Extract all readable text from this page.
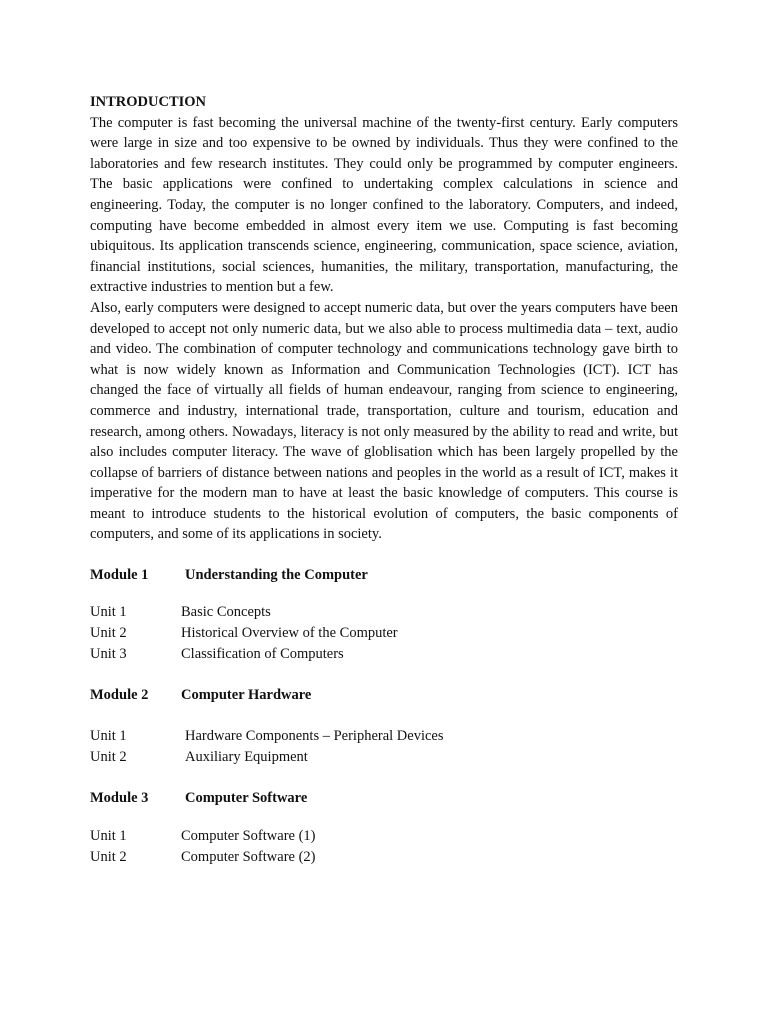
INTRODUCTION

The computer is fast becoming the universal machine of the twenty-first century. Early computers were large in size and too expensive to be owned by individuals. Thus they were confined to the laboratories and few research institutes. They could only be programmed by computer engineers. The basic applications were confined to undertaking complex calculations in science and engineering. Today, the computer is no longer confined to the laboratory. Computers, and indeed, computing have become embedded in almost every item we use. Computing is fast becoming ubiquitous. Its application transcends science, engineering, communication, space science, aviation, financial institutions, social sciences, humanities, the military, transportation, manufacturing, the extractive industries to mention but a few.

Also, early computers were designed to accept numeric data, but over the years computers have been developed to accept not only numeric data, but we also able to process multimedia data – text, audio and video. The combination of computer technology and communications technology gave birth to what is now widely known as Information and Communication Technologies (ICT). ICT has changed the face of virtually all fields of human endeavour, ranging from science to engineering, commerce and industry, international trade, transportation, culture and tourism, education and research, among others. Nowadays, literacy is not only measured by the ability to read and write, but also includes computer literacy. The wave of globlisation which has been largely propelled by the collapse of barriers of distance between nations and peoples in the world as a result of ICT, makes it imperative for the modern man to have at least the basic knowledge of computers. This course is meant to introduce students to the historical evolution of computers, the basic components of computers, and some of its applications in society.

Module 1	Understanding the Computer
Unit 1	Basic Concepts
Unit 2	Historical Overview of the Computer
Unit 3	Classification of Computers
Module 2 Computer Hardware
Unit 1	Hardware Components – Peripheral Devices
Unit 2	Auxiliary Equipment
Module 3	Computer Software
Unit 1	Computer Software (1)
Unit 2	Computer Software (2)
